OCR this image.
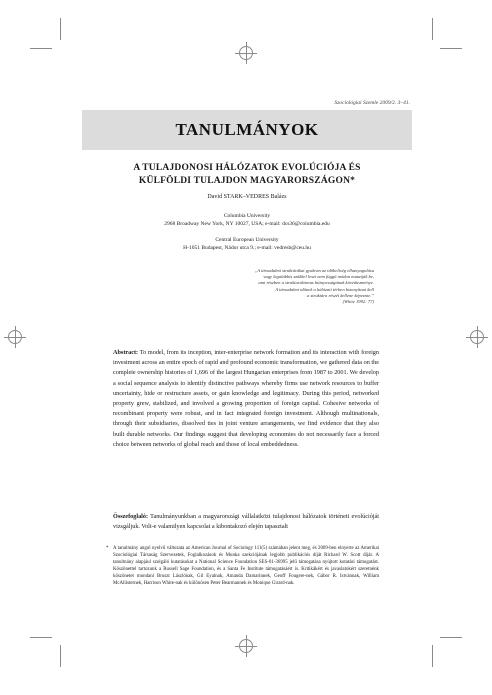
Szociológiai Szemle 2009/2. 3–41.
TANULMÁNYOK
A TULAJDONOSI HÁLÓZATOK EVOLÚCIÓJA ÉS
KÜLFÖLDI TULAJDON MAGYARORSZÁGON*
David STARK–VEDRES Balázs
Columbia University
2968 Broadway New York, NY 10027, USA; e-mail: dcs36@columbia.edu
Central European University
H-1051 Budapest, Nádor utca 9.; e-mail: vedresb@ceu.hu
„A társadalmi struktúrákat gyakran az időbeliség elhanyagolása
vagy legalábbis szűkkel leszi nem függő módon mutatják be,
ami részben a strukturalizmus hiányosságának következménye.
A társadalmi időnek a hálózati térben bizonyítani kell
a struktúra részét kellene képeznie.”
(White 1992: 77)
Abstract: To model, from its inception, inter-enterprise network formation and its interaction with foreign investment across an entire epoch of rapid and profound economic transformation, we gathered data on the complete ownership histories of 1,696 of the largest Hungarian enterprises from 1987 to 2001. We develop a social sequence analysis to identify distinctive pathways whereby firms use network resources to buffer uncertainty, hide or restructure assets, or gain knowledge and legitimacy. During this period, networked property grew, stabilized, and involved a growing proportion of foreign capital. Cohesive networks of recombinant property were robust, and in fact integrated foreign investment. Although multinationals, through their subsidiaries, dissolved ties in joint venture arrangements, we find evidence that they also built durable networks. Our findings suggest that developing economies do not necessarily face a forced choice between networks of global reach and those of local embeddedness.
Összefoglaló: Tanulmányunkban a magyarországi vállalatközi tulajdonosi hálózatok történeti evolúcióját vizsgáljuk. Volt-e valamilyen kapcsolat a kibontakozó elején tapasztalt
* A tanulmány angol nyelvű változata az American Journal of Sociology 111(5) számában jelent meg, és 2009-ben elnyerte az Amerikai Szociológiai Társaság Szervezetek, Foglalkozások és Munka szekciójának legjobb publikációs díját Richard W. Scott díját. A tanulmány alapjául szolgáló kutatásokat a National Science Foundation SES-01-36995 jelű támogatása nyújtott kutatási támogatást. Köszönettel tartozunk a Russell Sage Foundation, és a Santa Fe Institute támogatásáért is. Kritikákért és javaslatokért szeretnénk köszönetet mondani Bruszt Lászlónak, Gil Eyalnak, Amanda Damarinnek, Geoff Fougere-nek, Gábor R. Istvánnak, William McAllisternek, Harrison White-nak és különösen Peter Bearmannek és Monique Girard-nak.
